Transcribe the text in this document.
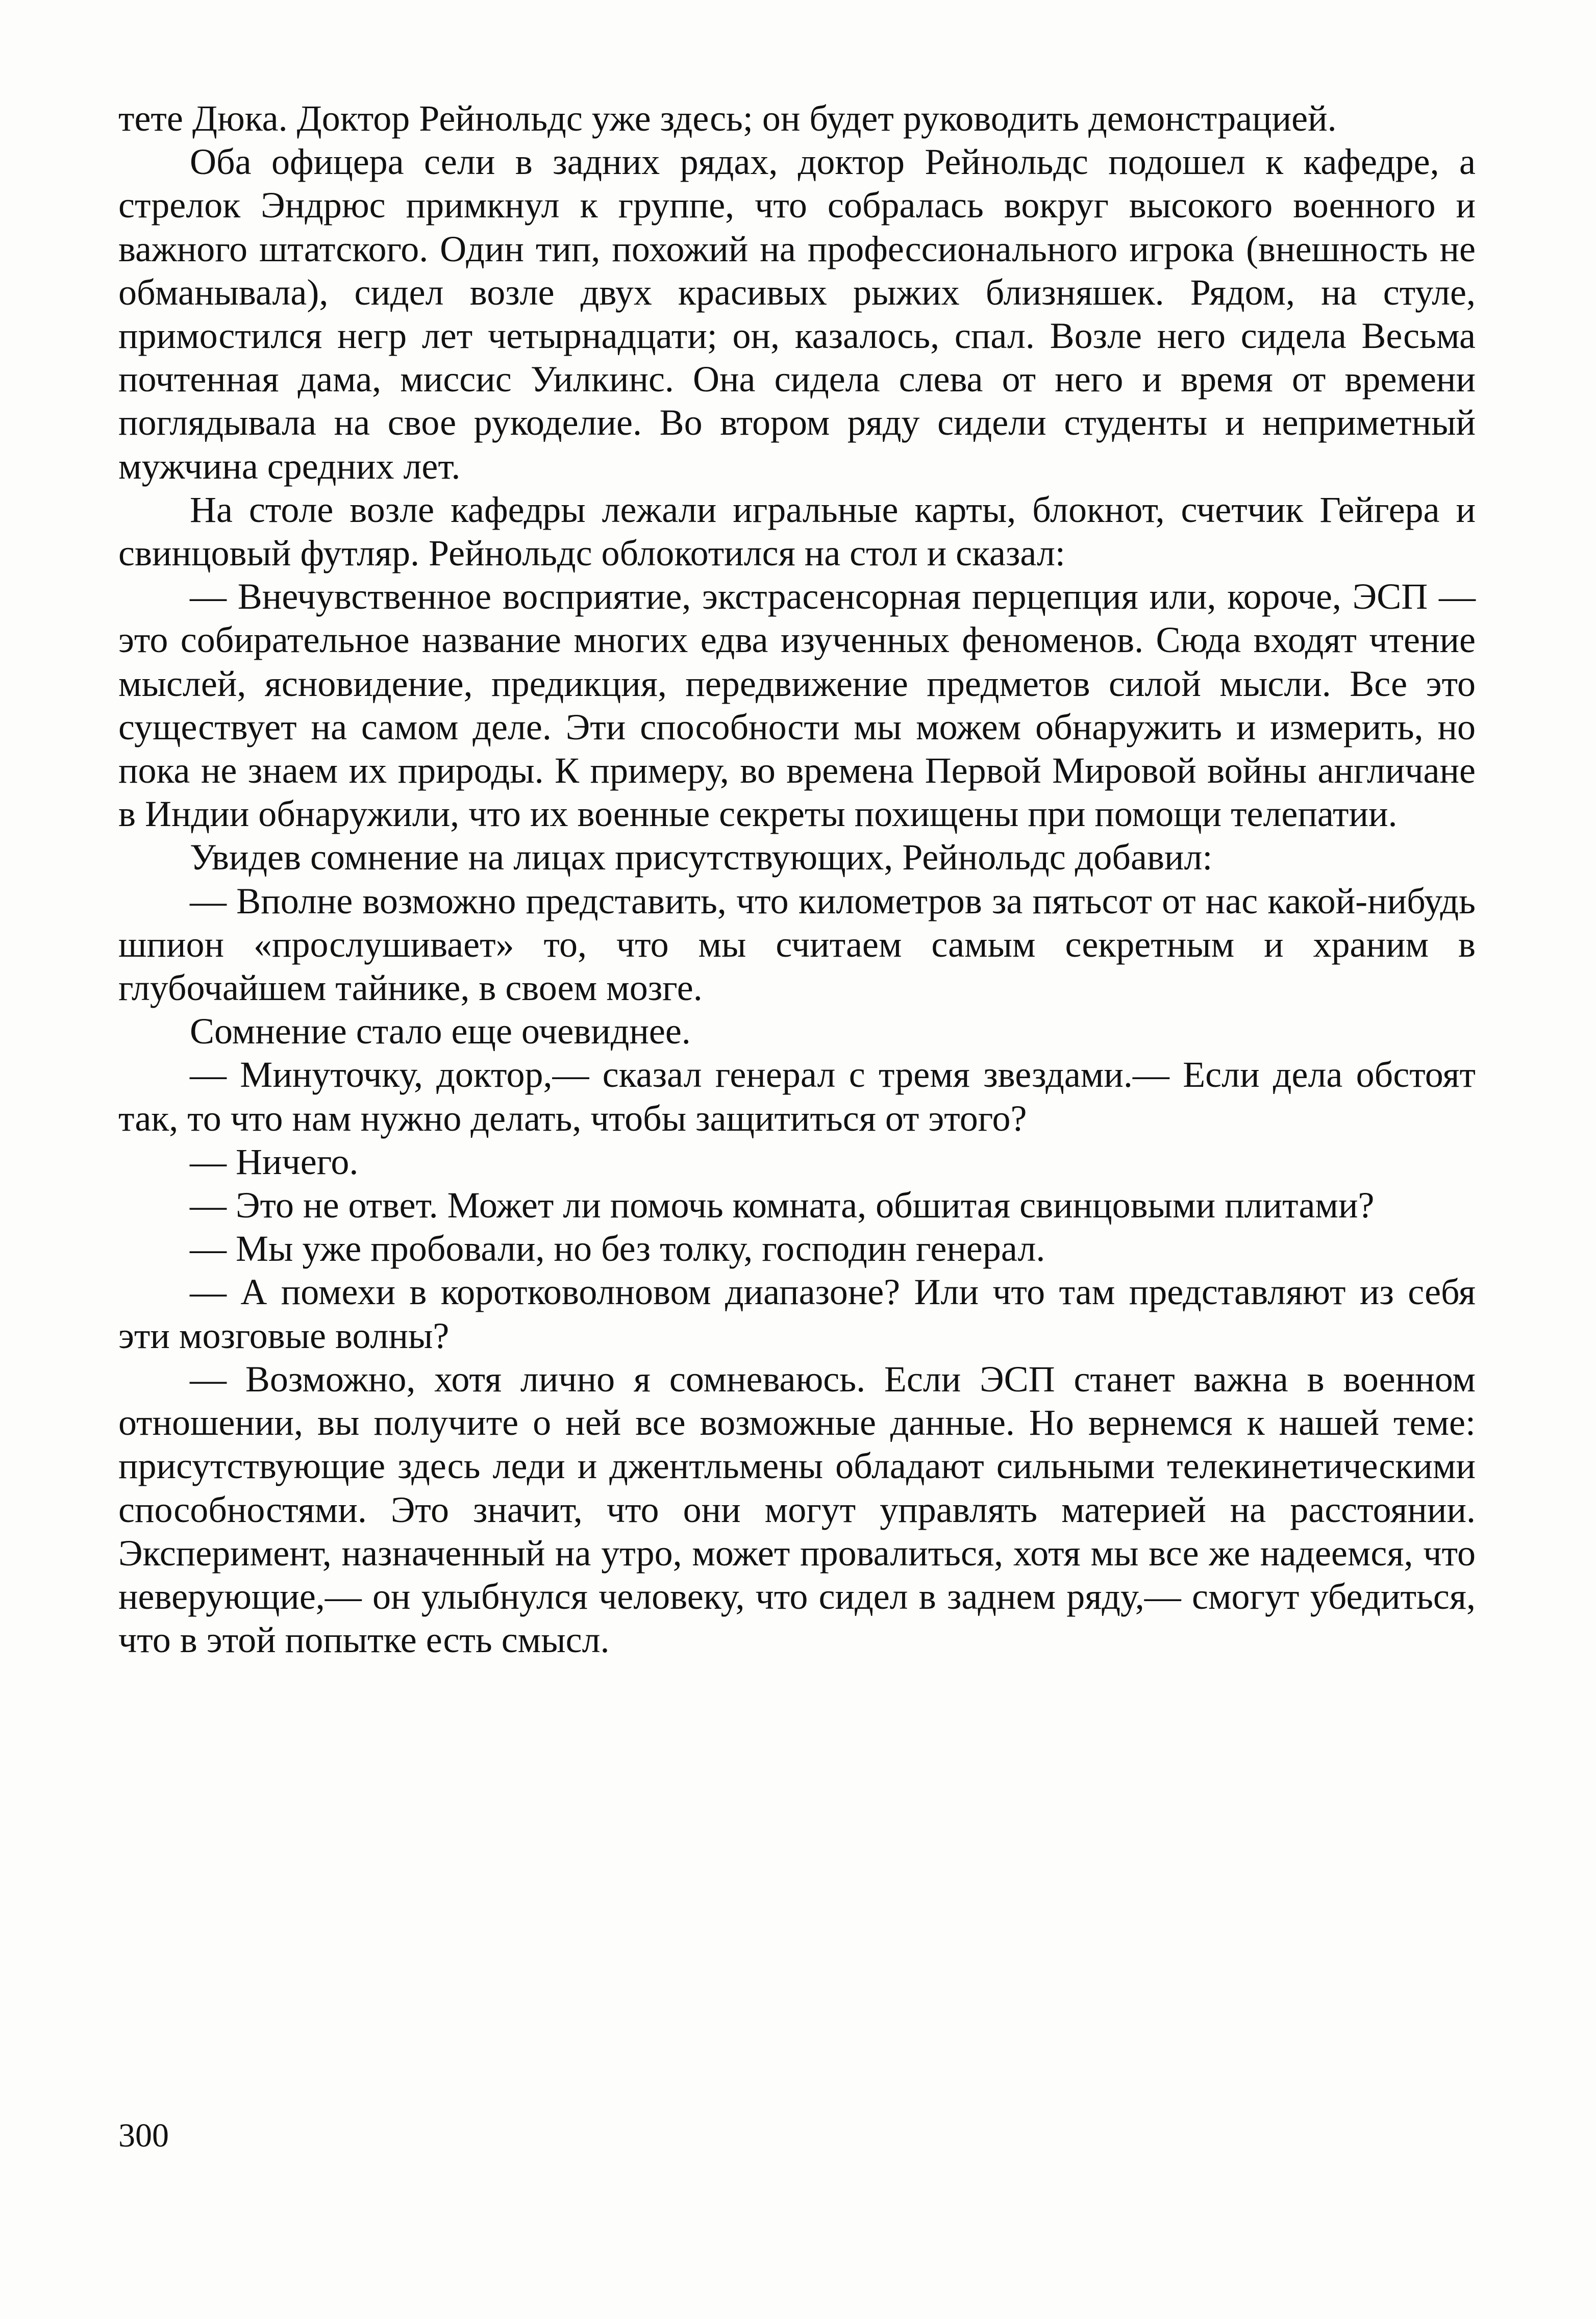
тете Дюка. Доктор Рейнольдс уже здесь; он будет руководить демонстрацией.

Оба офицера сели в задних рядах, доктор Рейнольдс подошел к кафедре, а стрелок Эндрюс примкнул к группе, что собралась вокруг высокого военного и важного штатского. Один тип, похожий на профессионального игрока (внешность не обманывала), сидел возле двух красивых рыжих близняшек. Рядом, на стуле, примостился негр лет четырнадцати; он, казалось, спал. Возле него сидела Весьма почтенная дама, миссис Уилкинс. Она сидела слева от него и время от времени поглядывала на свое рукоделие. Во втором ряду сидели студенты и неприметный мужчина средних лет.

На столе возле кафедры лежали игральные карты, блокнот, счетчик Гейгера и свинцовый футляр. Рейнольдс облокотился на стол и сказал:

— Внечувственное восприятие, экстрасенсорная перцепция или, короче, ЭСП — это собирательное название многих едва изученных феноменов. Сюда входят чтение мыслей, ясновидение, предикция, передвижение предметов силой мысли. Все это существует на самом деле. Эти способности мы можем обнаружить и измерить, но пока не знаем их природы. К примеру, во времена Первой Мировой войны англичане в Индии обнаружили, что их военные секреты похищены при помощи телепатии.

Увидев сомнение на лицах присутствующих, Рейнольдс добавил:

— Вполне возможно представить, что километров за пятьсот от нас какой-нибудь шпион «прослушивает» то, что мы считаем самым секретным и храним в глубочайшем тайнике, в своем мозге.

Сомнение стало еще очевиднее.

— Минуточку, доктор,— сказал генерал с тремя звездами.— Если дела обстоят так, то что нам нужно делать, чтобы защититься от этого?

— Ничего.

— Это не ответ. Может ли помочь комната, обшитая свинцовыми плитами?

— Мы уже пробовали, но без толку, господин генерал.

— А помехи в коротковолновом диапазоне? Или что там представляют из себя эти мозговые волны?

— Возможно, хотя лично я сомневаюсь. Если ЭСП станет важна в военном отношении, вы получите о ней все возможные данные. Но вернемся к нашей теме: присутствующие здесь леди и джентльмены обладают сильными телекинетическими способностями. Это значит, что они могут управлять материей на расстоянии. Эксперимент, назначенный на утро, может провалиться, хотя мы все же надеемся, что неверующие,— он улыбнулся человеку, что сидел в заднем ряду,— смогут убедиться, что в этой попытке есть смысл.

300
